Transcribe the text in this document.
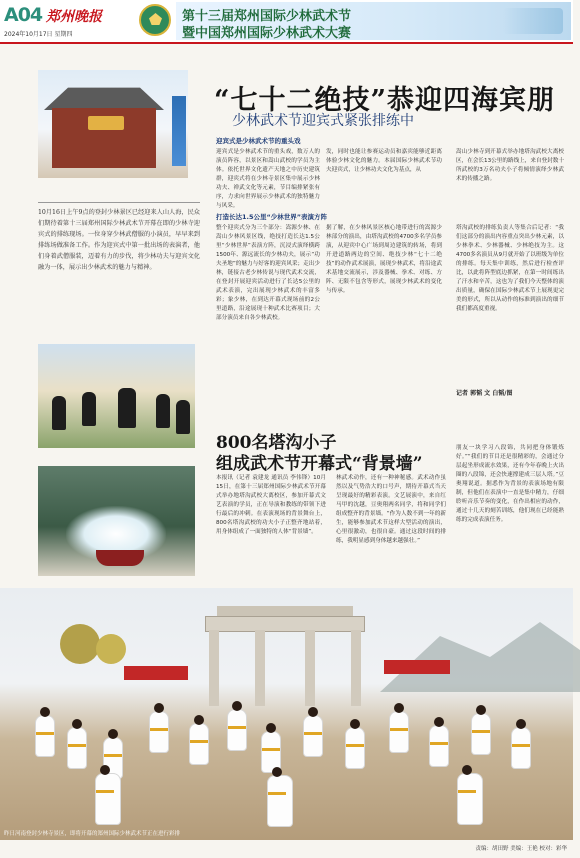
A04 郑州晚报
2024年10月17日 星期四
第十三届郑州国际少林武术节
暨中国郑州国际少林武术大赛
“七十二绝技”恭迎四海宾朋
少林武术节迎宾式紧张排练中
迎宾式是少林武术节的重头戏
迎宾式是少林武术节的重头戏，数万人的演员阵容，以景区和嵩山武校的学员为主体。依托世界文化遗产天地之中历史建筑群，迎宾式将在少林寺景区集中展示少林功夫、禅武文化等元素，节目编排紧张有序，力求向世界展示少林武术的独特魅力与风采。
发，同时也能让参赛运动员和嘉宾能够近距离体验少林文化的魅力。本届国际少林武术节功夫迎宾式，让少林功夫文化为基点，从
嵩山少林寺到开幕式举办地塔沟武校大离校区，在会长13公里的路线上，来自登封数十所武校的3万名功夫小子将倾情演绎少林武术的传播之路。
打造长达1.5公里“少林世界”表演方阵
整个迎宾式分为三个部分：嵩源少林、在嵩山少林风景区线，绝技打造长达1.5公里“少林世界”表演方阵，沉浸式演绎横跨1500年、源远流长的少林功夫，展示“功夫圣地”的魅力与好客的迎宾风采；走出少林，链接古老少林传说与现代武术交流，在登封开展迎宾活动进行了长达5公里的武术表演，完出展现少林武术的丰富多彩；象少林，在到达开幕式现场前的2公里道路，沿途展现十种武术比赛项目；大部分演员来自各少林武校。
据了解，在少林风景区核心地带进行的嵩源少林部分的演出，由塔沟武校的4700多名学员参演，从迎宾中心广场到周边建筑的转场，将到开进道路两边的空间、绝技少林“七十二绝技”的动作武术展演，展现少林武术，将沿途武术基地交流展示，涉及器械、拳术、对练、方阵、无限不包含等形式，展现少林武术的变化与传承。
塔沟武校的排练负责人等集合后记者：“我们这部分的演出内容重点突出少林元素，以少林拳术、少林器械、少林绝技为主。这4700多名演员从9月就开始了以班级为单位的排练。每天集中训练，然后进行检查评比，以此将阵型底边抓紧，在第一时间练出了汗水和辛苦，这也为了我们今天整体的演出质量，确保在国际少林武术节上展现更完美的形式，所以从动作的标准到演出的细节我们都高度重视。
记者 郭韬 文 白韬/图
10月16日上午9点的登封少林景区已经迎来人山人海，民众们期待着第十三届郑州国际少林武术节开幕在即的少林寺迎宾式的排练现场。一位身穿少林武僧服的小演员，早早来到排练场做准备工作。作为迎宾式中第一批出场的表演者，他们身着武僧服装，迈着有力的步伐，将少林功夫与迎宾文化融为一体，展示出少林武术的魅力与精神。
800名塔沟小子
组成武术节开幕式“背景墙”
本报讯（记者 袁建龙 通讯员 李伟锋）10月15日，在第十三届郑州国际少林武术节开幕式举办地塔沟武校大离校区，参加开幕式文艺表演的学员，正在导演和教练的带领下进行最后的冲刺。在表演现场的背景舞台上，800名塔沟武校的功夫小子正整齐地站着，用身体组成了一面独特的人体“背景墙”。
林武术动作，还有一种神秘感。武术动作虽然以及气势浩大的口号声，期待开幕式当天呈现最好的精彩表演。文艺展演中，来自红马甲的沈越，豆奥翔两名同学，将和同学们组成整齐的背景墙。“作为人数不到一年的新生，能够参加武术节这样大型活动的演出，心里很激动，也很自豪。通过这段时间的排练，我明显感到身体越来越强壮。”
朋友一块学习八段锦，共同把身体锻炼好。”“我们的节目还是很精彩的，会通过分层起坐形成流水效果，还有今年春晚上火出圈的八段锦，还会快速撑建成三层人塔。”豆奥翔说道。据悉作为背景的表演场地有限制，但他们在表演中一直是集中精力，仔细聆听音乐节奏的变化，在作出相应的动作，通过十几天的刻苦训练，他们现在已经能熟练的完成表演任务。
昨日河南登封少林寺景区，即将开幕的郑州国际少林武术节正在进行彩排
责编：胡田野 美编：王艳 校对：彩华
